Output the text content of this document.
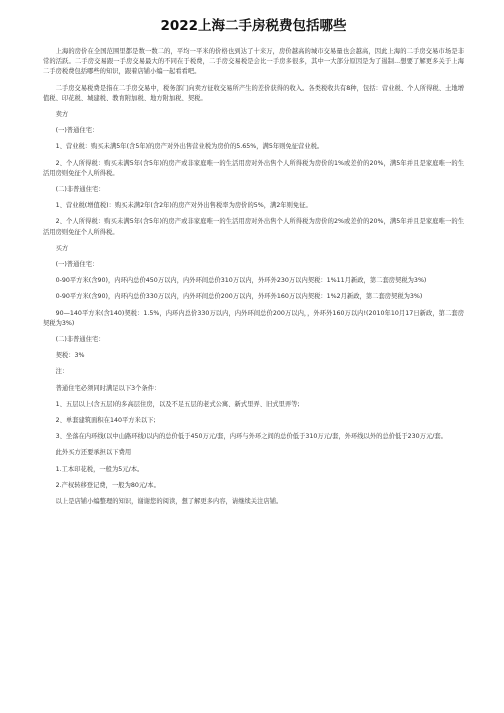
2022上海二手房税费包括哪些

上海的房价在全国范围里都是数一数二的，平均一平米的价格也到达了十来万，房价越高的城市交易量也会越高，因此上海的二手房交易市场是非常的活跃。二手房交易跟一手房交易最大的不同在于税费，二手房交易税是会比一手房多很多，其中一大部分原因是为了遏制...想要了解更多关于上海二手房税费包括哪些的知识，跟着店铺小编一起看看吧。

二手房交易税费是指在二手房交易中，税务部门向卖方征收交易所产生的差价获得的收入。各类税收共有8种，包括：营业税、个人所得税、土地增值税、印花税、城建税、教育附加税、地方附加税、契税。

卖方

(一)普通住宅：

1、营业税：购买未满5年(含5年)的房产对外出售营业税为房价的5.65%，满5年则免征营业税。

2、个人所得税：购买未满5年(含5年)的房产或非家庭唯一的生活用房对外出售个人所得税为房价的1%或差价的20%，满5年并且是家庭唯一的生活用房则免征个人所得税。

(二)非普通住宅：

1、营业税(增值税)：购买未满2年(含2年)的房产对外出售税率为房价的5%，满2年则免征。

2、个人所得税：购买未满5年(含5年)的房产或非家庭唯一的生活用房对外出售个人所得税为房价的2%或差价的20%，满5年并且是家庭唯一的生活用房则免征个人所得税。

买方

(一)普通住宅：

0-90平方米(含90)，内环内总价450万以内，内外环间总价310万以内，外环外230万以内契税：1%11月新政，第二套房契税为3%)

0-90平方米(含90)，内环内总价330万以内，内外环间总价200万以内，外环外160万以内契税：1%2月新政，第二套房契税为3%)

90—140平方米(含140)契税：1.5%，内环内总价330万以内，内外环间总价200万以内，，外环外160万以内!(2010年10月17日新政，第二套房契税为3%)

(二)非普通住宅：

契税：3%

注：

普通住宅必须同时满足以下3个条件：

1、五层以上(含五层)的多高层住房，以及不足五层的老式公寓、新式里弄、旧式里弄等;

2、单套建筑面积在140平方米以下;

3、坐落在内环线(以中山路环线)以内的总价低于450万元/套，内环与外环之间的总价低于310万元/套，外环线以外的总价低于230万元/套。

此外买方还要承担以下费用

1.工本印花税，一般为5元/本。

2.产权转移登记费，一般为80元/本。

以上是店铺小编整理的知识，谢谢您的阅读，想了解更多内容，请继续关注店铺。
